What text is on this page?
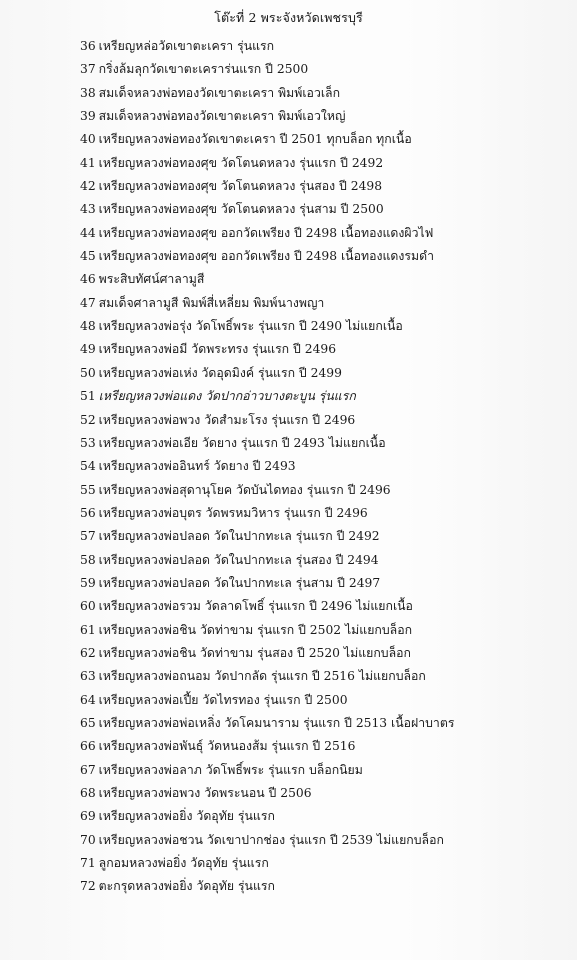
โต๊ะที่ 2 พระจังหวัดเพชรบุรี
36 เหรียญหล่อวัดเขาตะเครา รุ่นแรก
37 กริ่งล้มลุกวัดเขาตะเคราร่นแรก ปี 2500
38 สมเด็จหลวงพ่อทองวัดเขาตะเครา พิมพ์เอวเล็ก
39 สมเด็จหลวงพ่อทองวัดเขาตะเครา พิมพ์เอวใหญ่
40 เหรียญหลวงพ่อทองวัดเขาตะเครา ปี 2501 ทุกบล็อก ทุกเนื้อ
41 เหรียญหลวงพ่อทองศุข วัดโตนดหลวง รุ่นแรก ปี 2492
42 เหรียญหลวงพ่อทองศุข วัดโตนดหลวง รุ่นสอง ปี 2498
43 เหรียญหลวงพ่อทองศุข วัดโตนดหลวง รุ่นสาม ปี 2500
44 เหรียญหลวงพ่อทองศุข ออกวัดเพรียง ปี 2498 เนื้อทองแดงผิวไฟ
45 เหรียญหลวงพ่อทองศุข ออกวัดเพรียง ปี 2498 เนื้อทองแดงรมดำ
46 พระสิบทัศน์ศาลามูสี
47 สมเด็จศาลามูสี พิมพ์สี่เหลี่ยม พิมพ์นางพญา
48 เหรียญหลวงพ่อรุ่ง วัดโพธิ์พระ รุ่นแรก ปี 2490 ไม่แยกเนื้อ
49 เหรียญหลวงพ่อมี วัดพระทรง รุ่นแรก ปี 2496
50 เหรียญหลวงพ่อเห่ง วัดอุดมิงค์ รุ่นแรก ปี 2499
51 เหรียญหลวงพ่อแดง วัดปากอ่าวบางตะบูน รุ่นแรก
52 เหรียญหลวงพ่อพวง วัดสำมะโรง รุ่นแรก ปี 2496
53 เหรียญหลวงพ่อเอีย วัดยาง รุ่นแรก ปี 2493 ไม่แยกเนื้อ
54 เหรียญหลวงพ่ออินทร์ วัดยาง ปี 2493
55 เหรียญหลวงพ่อสุดานุโยค วัดบันไดทอง รุ่นแรก ปี 2496
56 เหรียญหลวงพ่อบุตร วัดพรหมวิหาร รุ่นแรก ปี 2496
57 เหรียญหลวงพ่อปลอด วัดในปากทะเล รุ่นแรก ปี 2492
58 เหรียญหลวงพ่อปลอด วัดในปากทะเล รุ่นสอง ปี 2494
59 เหรียญหลวงพ่อปลอด วัดในปากทะเล รุ่นสาม ปี 2497
60 เหรียญหลวงพ่อรวม วัดลาดโพธิ์ รุ่นแรก ปี 2496 ไม่แยกเนื้อ
61 เหรียญหลวงพ่อชิน วัดท่าขาม รุ่นแรก ปี 2502 ไม่แยกบล็อก
62 เหรียญหลวงพ่อชิน วัดท่าขาม รุ่นสอง ปี 2520 ไม่แยกบล็อก
63 เหรียญหลวงพ่อถนอม วัดปากลัด รุ่นแรก ปี 2516 ไม่แยกบล็อก
64 เหรียญหลวงพ่อเปี้ย วัดไทรทอง รุ่นแรก ปี 2500
65 เหรียญหลวงพ่อพ่อเหลิ่ง วัดโคมนาราม รุ่นแรก ปี 2513 เนื้อฝาบาตร
66 เหรียญหลวงพ่อพันธุ์ วัดหนองส้ม รุ่นแรก ปี 2516
67 เหรียญหลวงพ่อลาภ วัดโพธิ์พระ รุ่นแรก บล็อกนิยม
68 เหรียญหลวงพ่อพวง วัดพระนอน ปี 2506
69 เหรียญหลวงพ่อยิ่ง วัดอุทัย รุ่นแรก
70 เหรียญหลวงพ่อชวน วัดเขาปากช่อง รุ่นแรก ปี 2539 ไม่แยกบล็อก
71 ลูกอมหลวงพ่อยิ่ง วัดอุทัย รุ่นแรก
72 ตะกรุดหลวงพ่อยิ่ง วัดอุทัย รุ่นแรก
